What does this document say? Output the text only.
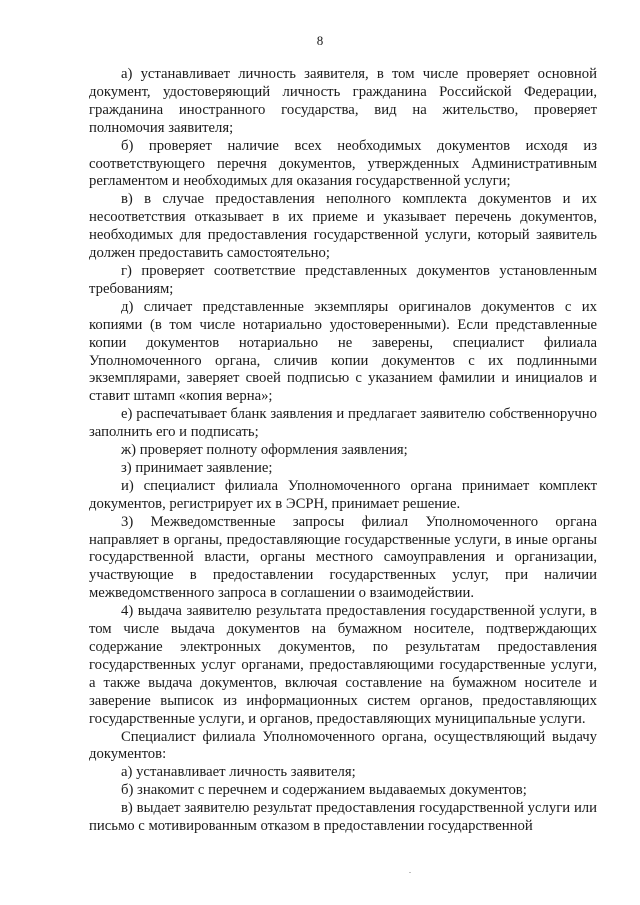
8

а) устанавливает личность заявителя, в том числе проверяет основной документ, удостоверяющий личность гражданина Российской Федерации, гражданина иностранного государства, вид на жительство, проверяет полномочия заявителя;

б) проверяет наличие всех необходимых документов исходя из соответствующего перечня документов, утвержденных Административным регламентом и необходимых для оказания государственной услуги;

в) в случае предоставления неполного комплекта документов и их несоответствия отказывает в их приеме и указывает перечень документов, необходимых для предоставления государственной услуги, который заявитель должен предоставить самостоятельно;

г) проверяет соответствие представленных документов установленным требованиям;

д) сличает представленные экземпляры оригиналов документов с их копиями (в том числе нотариально удостоверенными). Если представленные копии документов нотариально не заверены, специалист филиала Уполномоченного органа, сличив копии документов с их подлинными экземплярами, заверяет своей подписью с указанием фамилии и инициалов и ставит штамп «копия верна»;

е) распечатывает бланк заявления и предлагает заявителю собственноручно заполнить его и подписать;

ж) проверяет полноту оформления заявления;

з) принимает заявление;

и) специалист филиала Уполномоченного органа принимает комплект документов, регистрирует их в ЭСРН, принимает решение.

3) Межведомственные запросы филиал Уполномоченного органа направляет в органы, предоставляющие государственные услуги, в иные органы государственной власти, органы местного самоуправления и организации, участвующие в предоставлении государственных услуг, при наличии межведомственного запроса в соглашении о взаимодействии.

4) выдача заявителю результата предоставления государственной услуги, в том числе выдача документов на бумажном носителе, подтверждающих содержание электронных документов, по результатам предоставления государственных услуг органами, предоставляющими государственные услуги, а также выдача документов, включая составление на бумажном носителе и заверение выписок из информационных систем органов, предоставляющих государственные услуги, и органов, предоставляющих муниципальные услуги.

Специалист филиала Уполномоченного органа, осуществляющий выдачу документов:

а) устанавливает личность заявителя;

б) знакомит с перечнем и содержанием выдаваемых документов;

в) выдает заявителю результат предоставления государственной услуги или письмо с мотивированным отказом в предоставлении государственной

.
